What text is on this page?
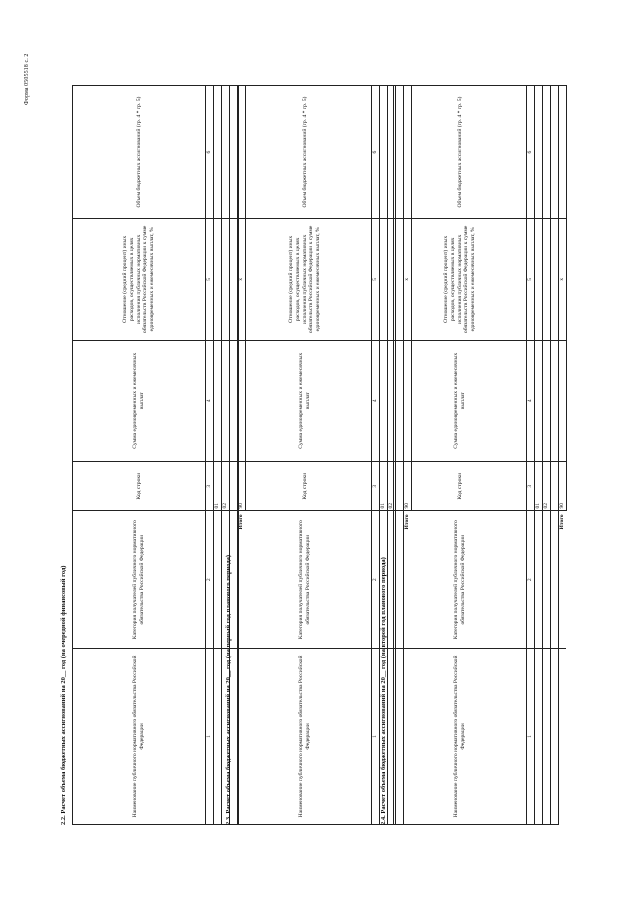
Форма 0505518 с. 2
2.2. Расчет объема бюджетных ассигнований на 20__ год (на очередной финансовый год)	Наименование публичного нормативного обязательства Российской Федерации	Категория получателей публичного нормативного обязательства Российской Федерации	Код строки	Сумма единовременных и ежемесячных выплат	Отношение (средний процент) иных расходов, осуществляемых в целях исполнения публичных нормативных обязательств Российской Федерации к сумме единовременных и ежемесячных выплат, %	Объем бюджетных ассигнований (гр. 4 * гр. 5)
1	2	3	4	5	6
		01			
		02			

	Итого	90		x	
2.3. Расчет объема бюджетных ассигнований на 20__ год (на первый год планового периода)	Наименование публичного нормативного обязательства Российской Федерации	Категория получателей публичного нормативного обязательства Российской Федерации	Код строки	Сумма единовременных и ежемесячных выплат	Отношение (средний процент) иных расходов, осуществляемых в целях исполнения публичных нормативных обязательств Российской Федерации к сумме единовременных и ежемесячных выплат, %	Объем бюджетных ассигнований (гр. 4 * гр. 5)
1	2	3	4	5	6
		01			
		02			

	Итого	90		x	
2.4. Расчет объема бюджетных ассигнований на 20__ год (на второй год планового периода)	Наименование публичного нормативного обязательства Российской Федерации	Категория получателей публичного нормативного обязательства Российской Федерации	Код строки	Сумма единовременных и ежемесячных выплат	Отношение (средний процент) иных расходов, осуществляемых в целях исполнения публичных нормативных обязательств Российской Федерации к сумме единовременных и ежемесячных выплат, %	Объем бюджетных ассигнований (гр. 4 * гр. 5)
1	2	3	4	5	6
		01			
		02			

	Итого	90		x	
